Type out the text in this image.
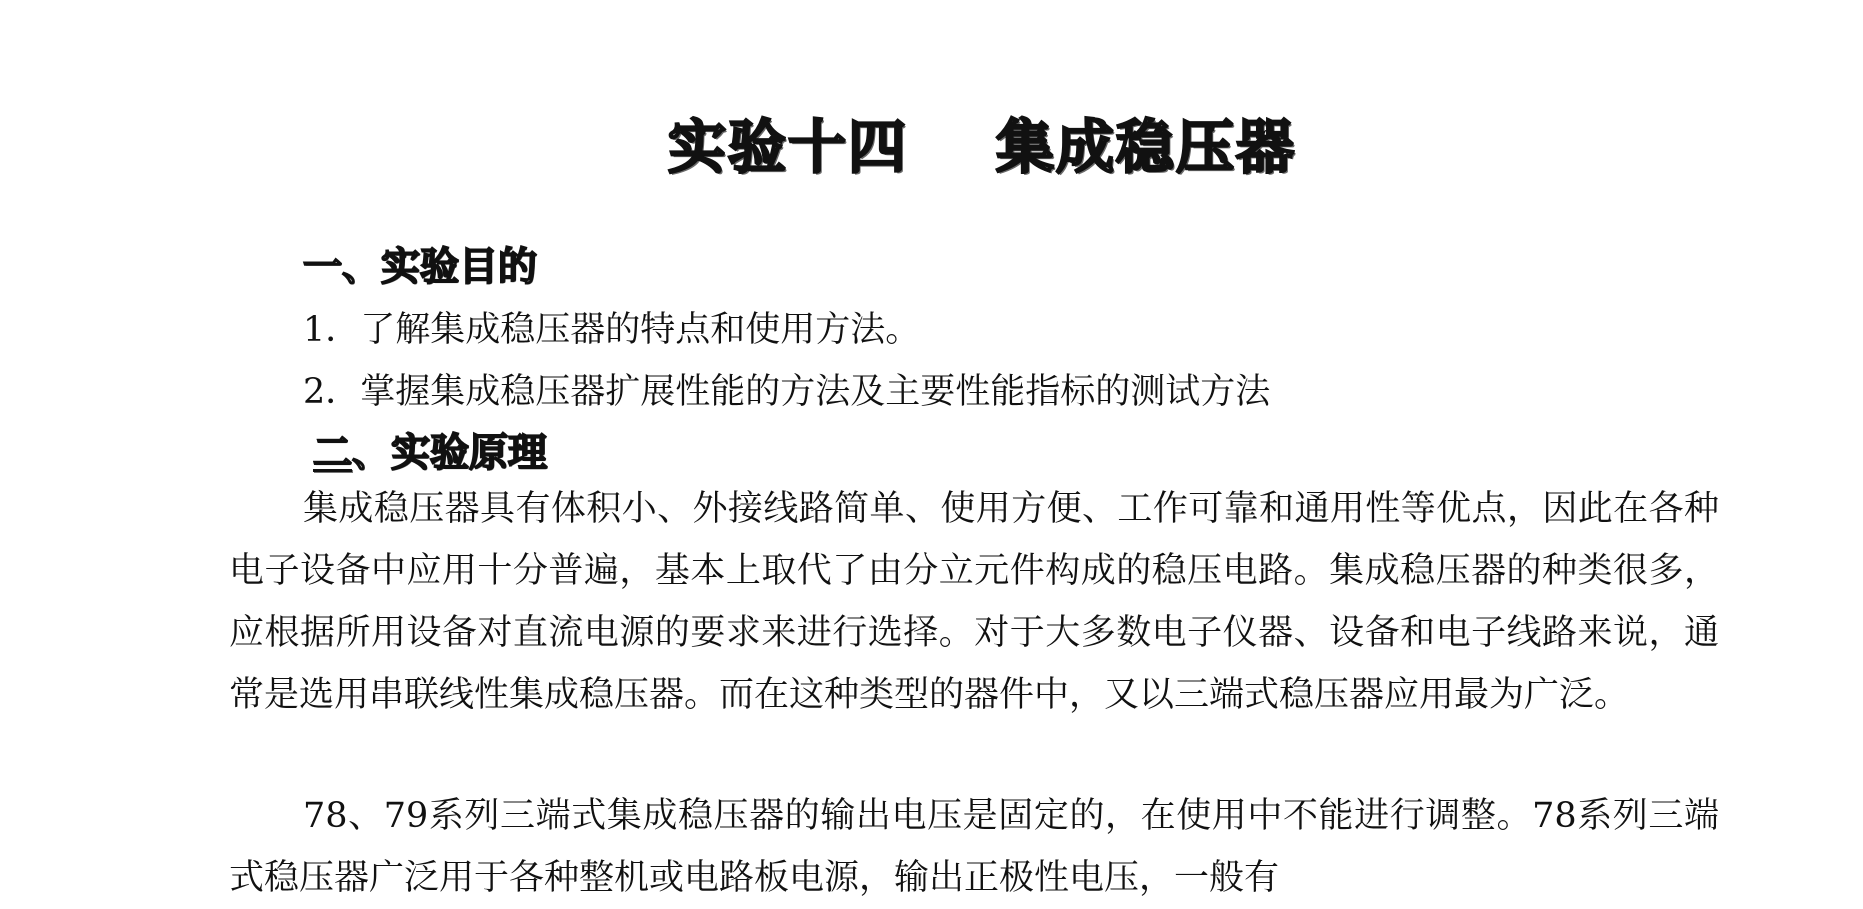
实验十四 集成稳压器
一、实验目的
1．了解集成稳压器的特点和使用方法。
2．掌握集成稳压器扩展性能的方法及主要性能指标的测试方法
二、实验原理
集成稳压器具有体积小、外接线路简单、使用方便、工作可靠和通用性等优点，因此在各种电子设备中应用十分普遍，基本上取代了由分立元件构成的稳压电路。集成稳压器的种类很多，应根据所用设备对直流电源的要求来进行选择。对于大多数电子仪器、设备和电子线路来说，通常是选用串联线性集成稳压器。而在这种类型的器件中，又以三端式稳压器应用最为广泛。
78、79系列三端式集成稳压器的输出电压是固定的，在使用中不能进行调整。78系列三端式稳压器广泛用于各种整机或电路板电源，输出正极性电压，一般有
